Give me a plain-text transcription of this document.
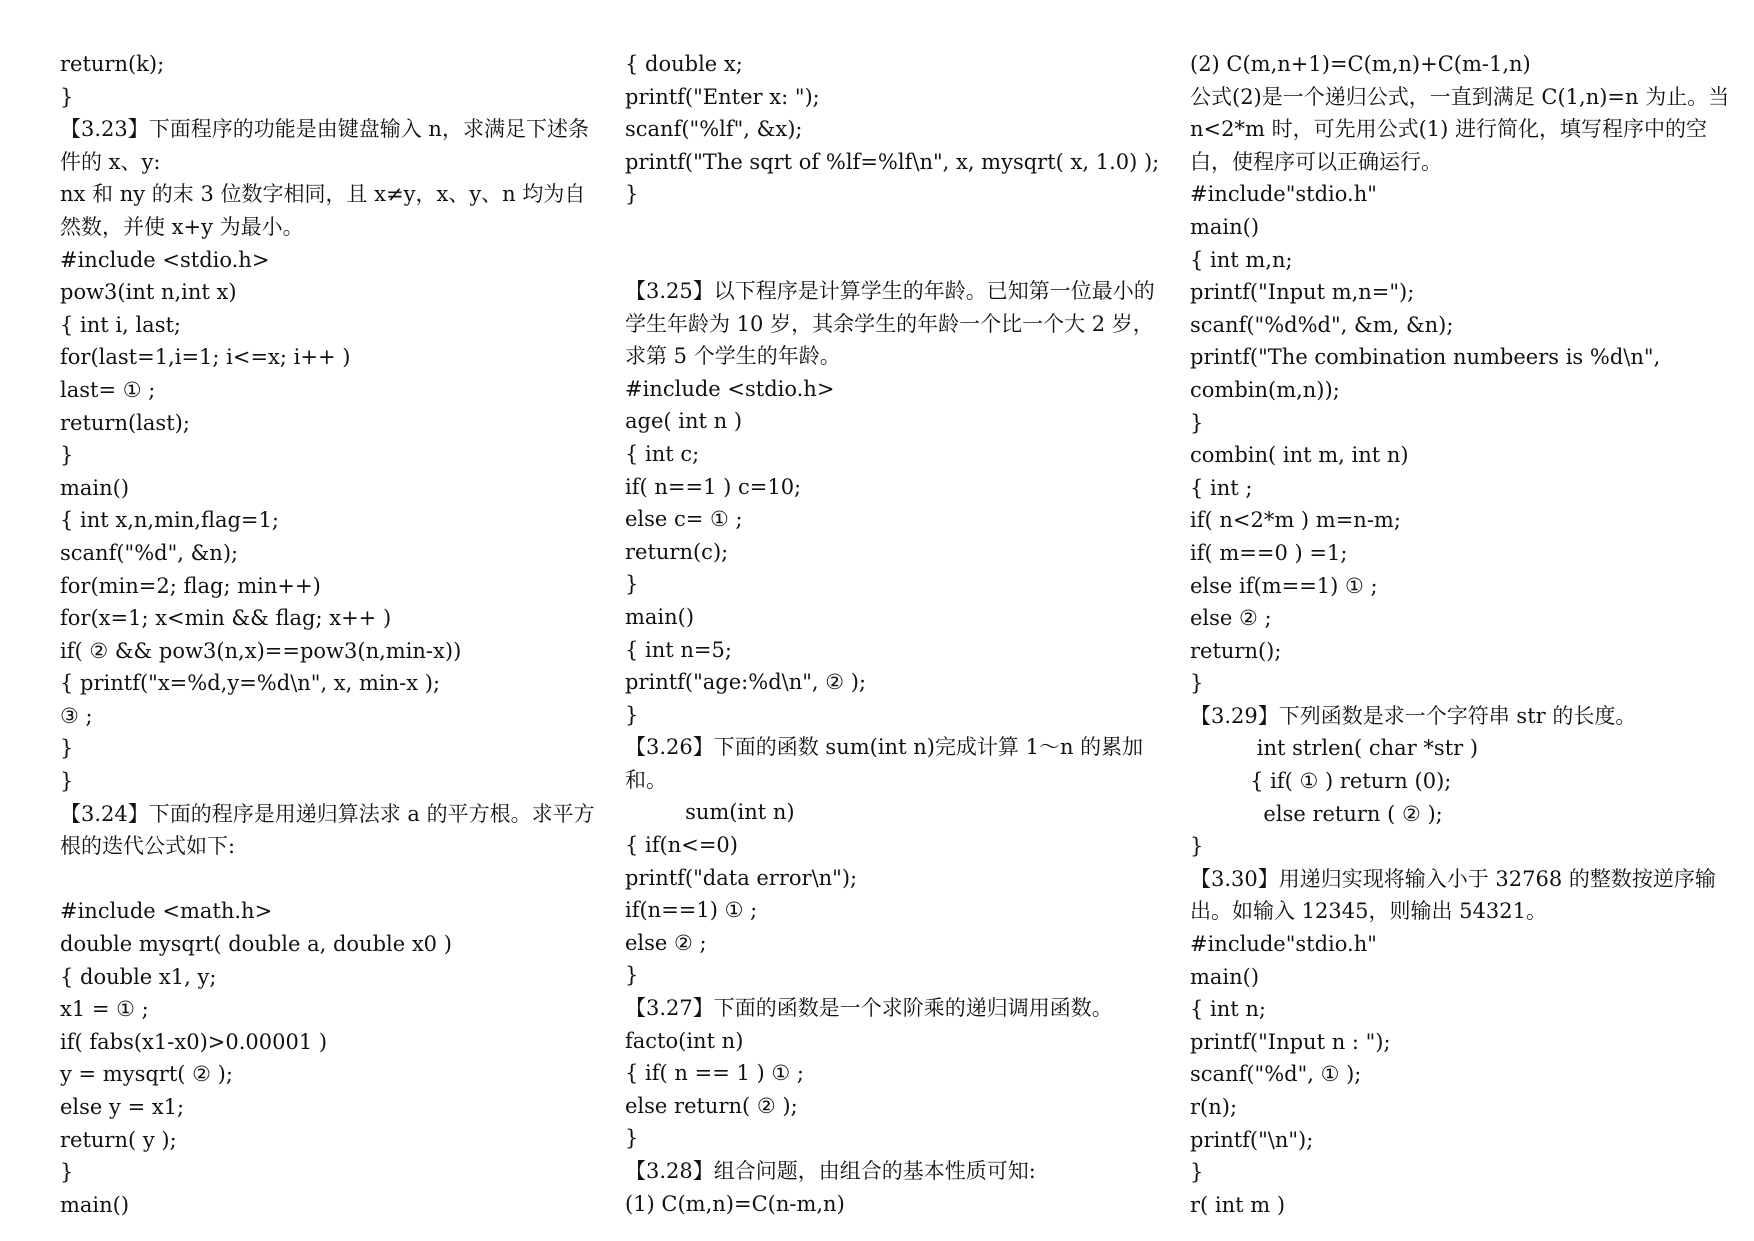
return(k);
}
【3.23】下面程序的功能是由键盘输入 n，求满足下述条件的 x、y:
nx 和 ny 的末 3 位数字相同，且 x≠y，x、y、n 均为自然数，并使 x+y 为最小。
#include <stdio.h>
pow3(int n,int x)
{ int i, last;
for(last=1,i=1; i<=x; i++ )
last= ① ;
return(last);
}
main()
{ int x,n,min,flag=1;
scanf("%d", &n);
for(min=2; flag; min++)
for(x=1; x<min && flag; x++ )
if( ② && pow3(n,x)==pow3(n,min-x))
{ printf("x=%d,y=%d\n", x, min-x );
③ ;
}
}
【3.24】下面的程序是用递归算法求 a 的平方根。求平方根的迭代公式如下:
#include <math.h>
double mysqrt( double a, double x0 )
{ double x1, y;
x1 = ① ;
if( fabs(x1-x0)>0.00001 )
y = mysqrt( ② );
else y = x1;
return( y );
}
main()
{ double x;
printf("Enter x: ");
scanf("%lf", &x);
printf("The sqrt of %lf=%lf\n", x, mysqrt( x, 1.0) );
}
【3.25】以下程序是计算学生的年龄。已知第一位最小的学生年龄为 10 岁，其余学生的年龄一个比一个大 2 岁，求第 5 个学生的年龄。
#include <stdio.h>
age( int n )
{ int c;
if( n==1 ) c=10;
else c= ① ;
return(c);
}
main()
{ int n=5;
printf("age:%d\n", ② );
}
【3.26】下面的函数 sum(int n)完成计算 1～n 的累加和。
sum(int n)
{ if(n<=0)
printf("data error\n");
if(n==1) ① ;
else ② ;
}
【3.27】下面的函数是一个求阶乘的递归调用函数。
facto(int n)
{ if( n == 1 ) ① ;
else return( ② );
}
【3.28】组合问题，由组合的基本性质可知:
(1) C(m,n)=C(n-m,n)
(2) C(m,n+1)=C(m,n)+C(m-1,n)
公式(2)是一个递归公式，一直到满足 C(1,n)=n 为止。当 n<2*m 时，可先用公式(1) 进行简化，填写程序中的空白，使程序可以正确运行。
#include"stdio.h"
main()
{ int m,n;
printf("Input m,n=");
scanf("%d%d", &m, &n);
printf("The combination numbeers is %d\n", combin(m,n));
}
combin( int m, int n)
{ int ;
if( n<2*m ) m=n-m;
if( m==0 ) =1;
else if(m==1) ① ;
else ② ;
return();
}
【3.29】下列函数是求一个字符串 str 的长度。
int strlen( char *str )
{ if( ① ) return (0);
else return ( ② );
}
【3.30】用递归实现将输入小于 32768 的整数按逆序输出。如输入 12345，则输出 54321。
#include"stdio.h"
main()
{ int n;
printf("Input n : ");
scanf("%d", ① );
r(n);
printf("\n");
}
r( int m )
